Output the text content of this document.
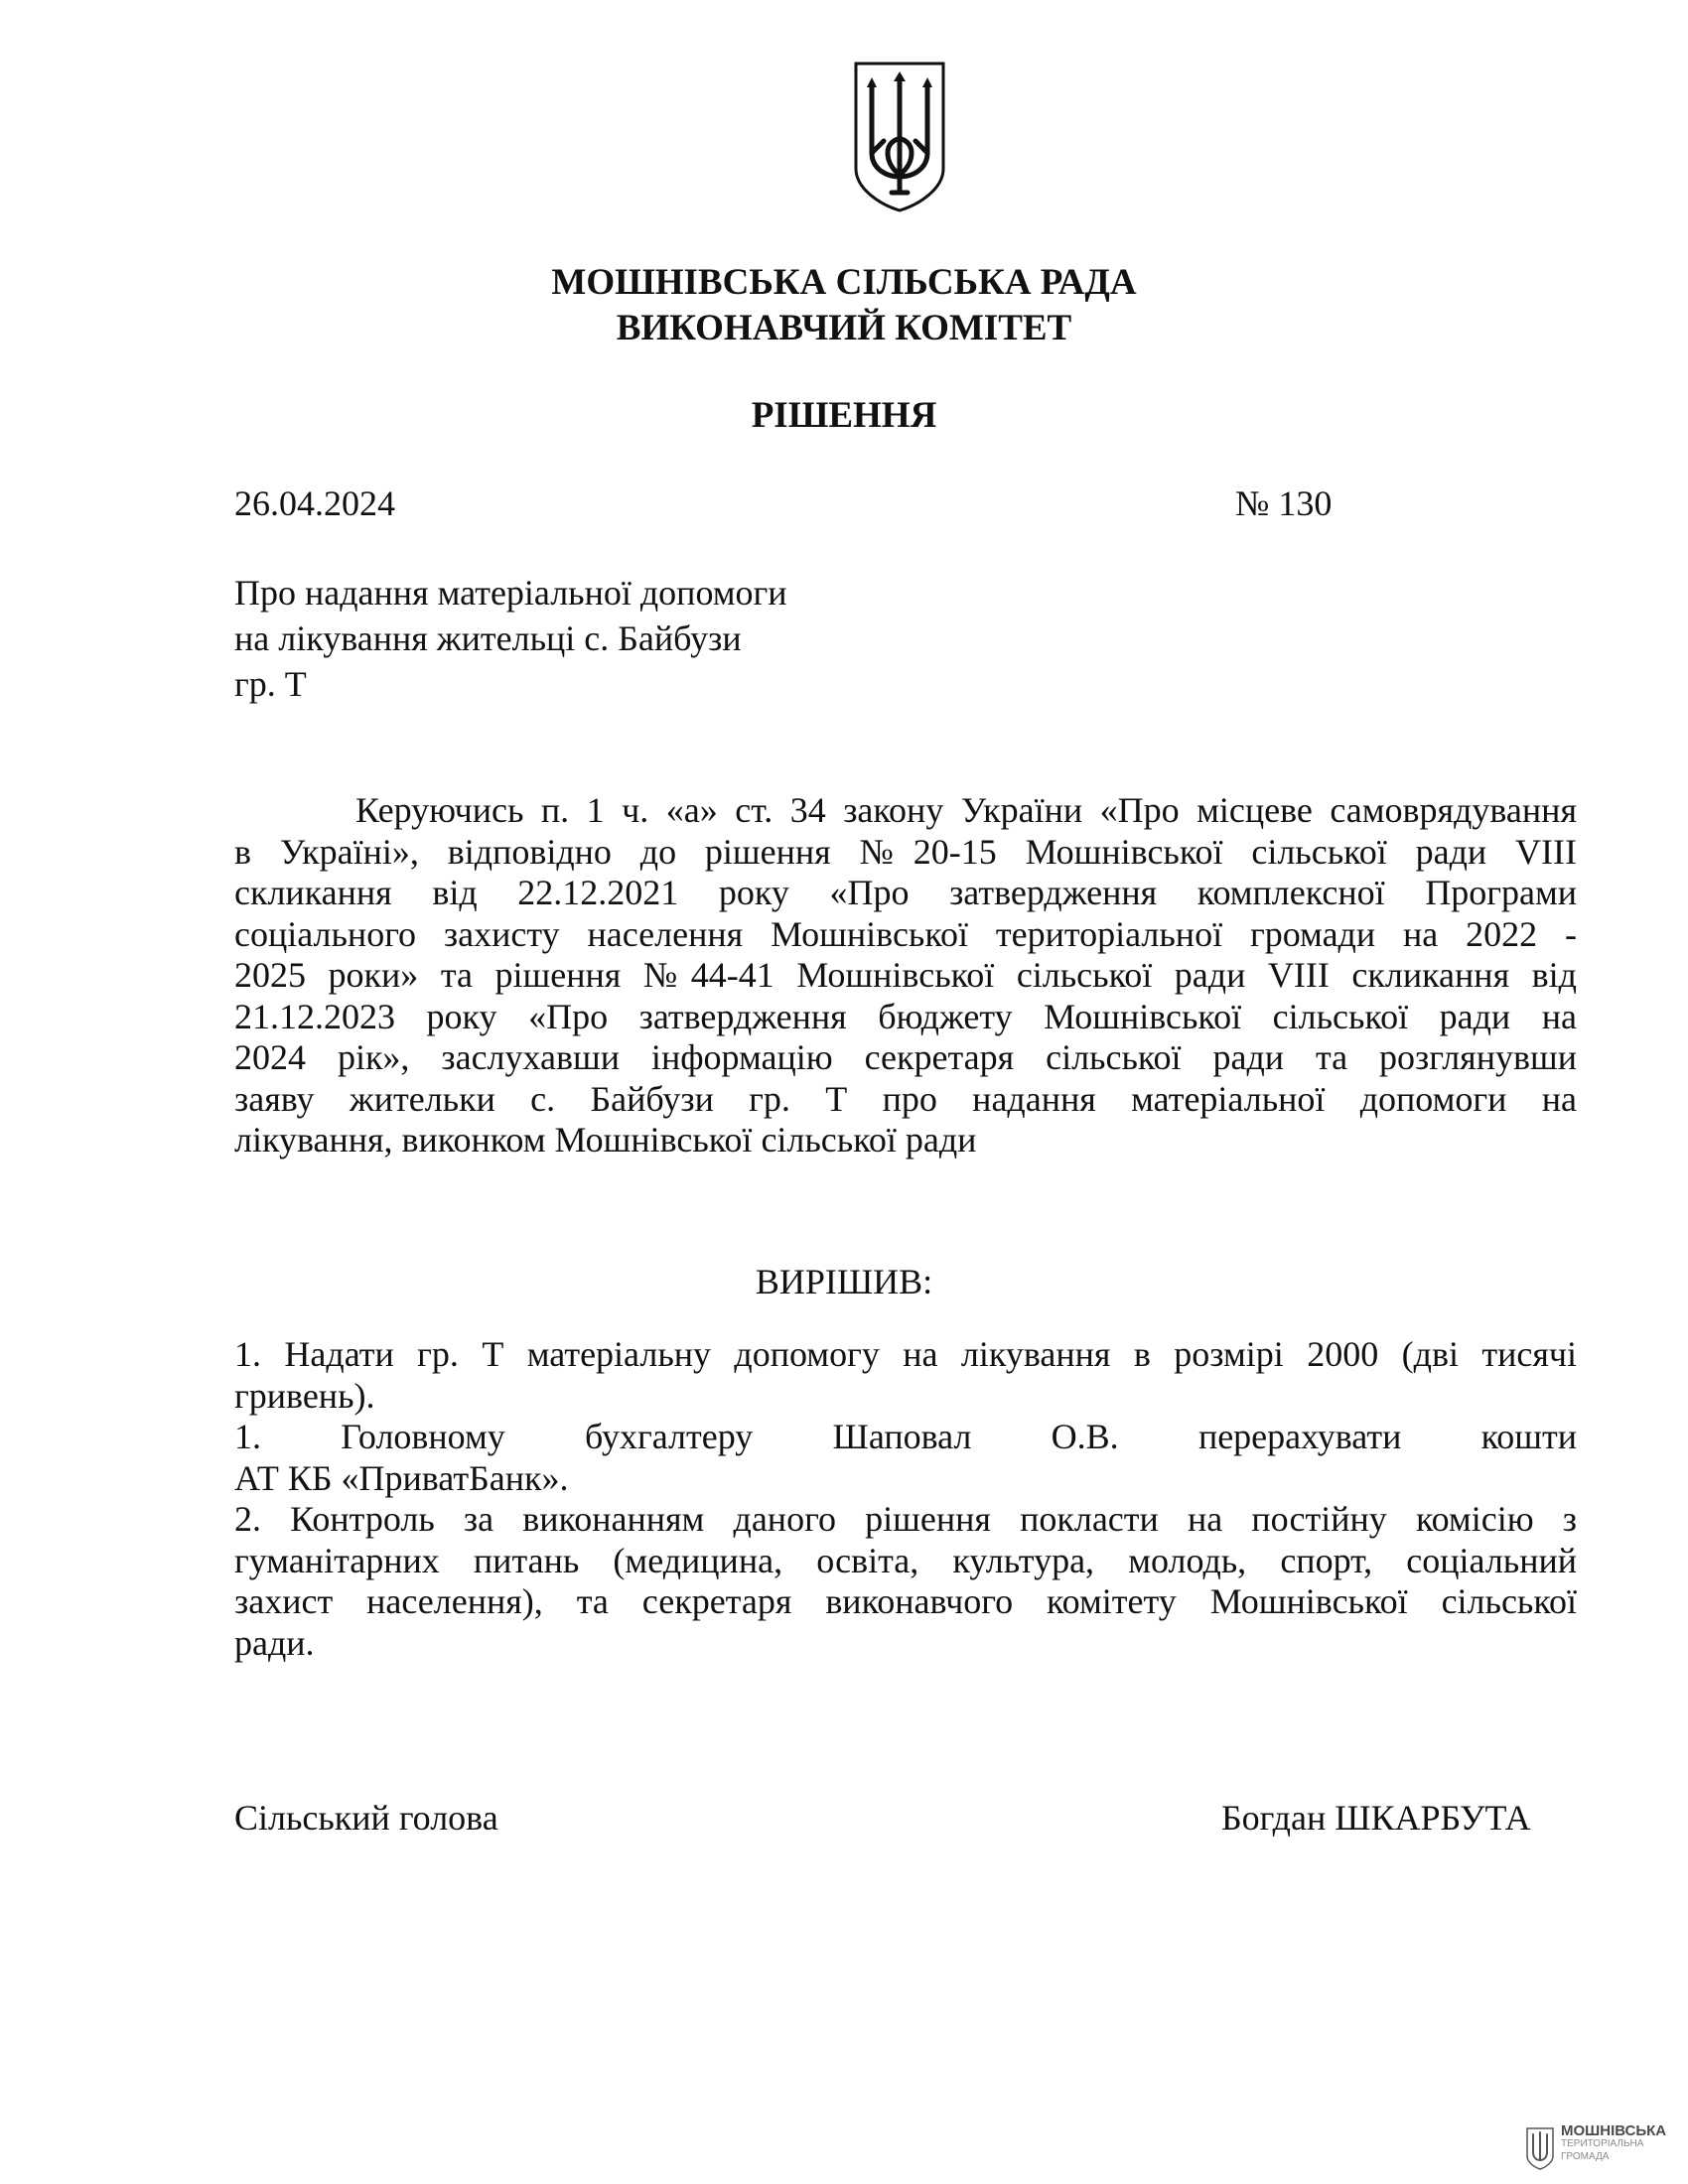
МОШНІВСЬКА СІЛЬСЬКА РАДА
ВИКОНАВЧИЙ КОМІТЕТ
РІШЕННЯ
26.04.2024	№ 130
Про надання матеріальної допомоги
на лікування жительці с. Байбузи
гр. Т
Керуючись п. 1 ч. «а» ст. 34 закону України «Про місцеве самоврядування
в Україні», відповідно до рішення №20-15 Мошнівської сільської ради VIII
скликання від 22.12.2021 року «Про затвердження комплексної Програми
соціального захисту населення Мошнівської територіальної громади на 2022 -
2025 роки» та рішення №44-41 Мошнівської сільської ради VIII скликання від
21.12.2023 року «Про затвердження бюджету Мошнівської сільської ради на
2024 рік», заслухавши інформацію секретаря сільської ради та розглянувши
заяву жительки с. Байбузи гр. Т про надання матеріальної допомоги на
лікування, виконком Мошнівської сільської ради
ВИРІШИВ:
1. Надати гр. Т матеріальну допомогу на лікування в розмірі 2000 (дві тисячі
гривень).
1. Головному бухгалтеру Шаповал О.В. перерахувати кошти
АТ КБ «ПриватБанк».
2. Контроль за виконанням даного рішення покласти на постійну комісію з
гуманітарних питань (медицина, освіта, культура, молодь, спорт, соціальний
захист населення), та секретаря виконавчого комітету Мошнівської сільської
ради.
Сільський голова	Богдан ШКАРБУТА
МОШНІВСЬКА
ТЕРИТОРІАЛЬНА
ГРОМАДА
